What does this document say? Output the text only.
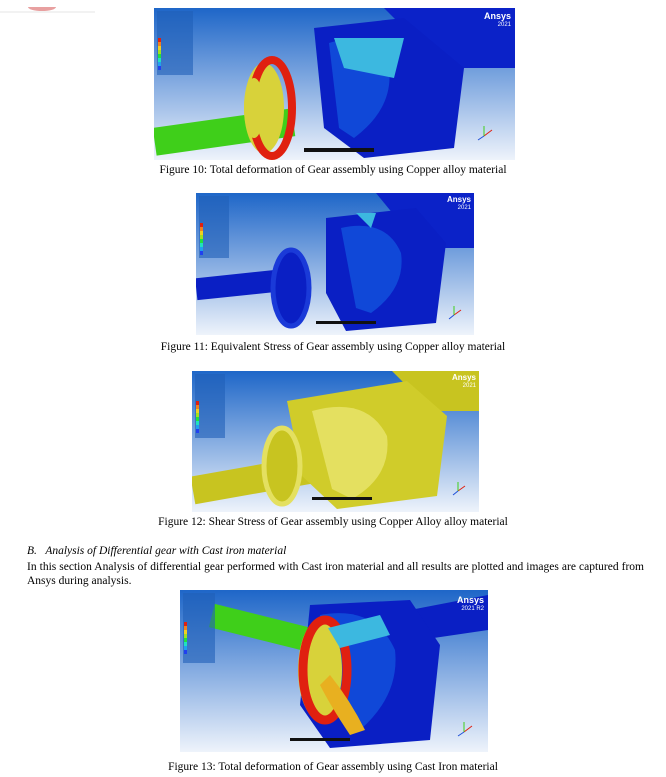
Ansys
2021
Figure 10: Total deformation of Gear assembly using Copper alloy material
Ansys
2021
Figure 11: Equivalent Stress of Gear assembly using Copper alloy material
Ansys
2021
Figure 12: Shear Stress of Gear assembly using Copper Alloy alloy material
B.   Analysis of Differential gear with Cast iron material
In this section Analysis of differential gear performed with Cast iron material and all results are plotted and images are captured from Ansys during analysis.
Ansys
2021 R2
Figure 13: Total deformation of Gear assembly using Cast Iron material
